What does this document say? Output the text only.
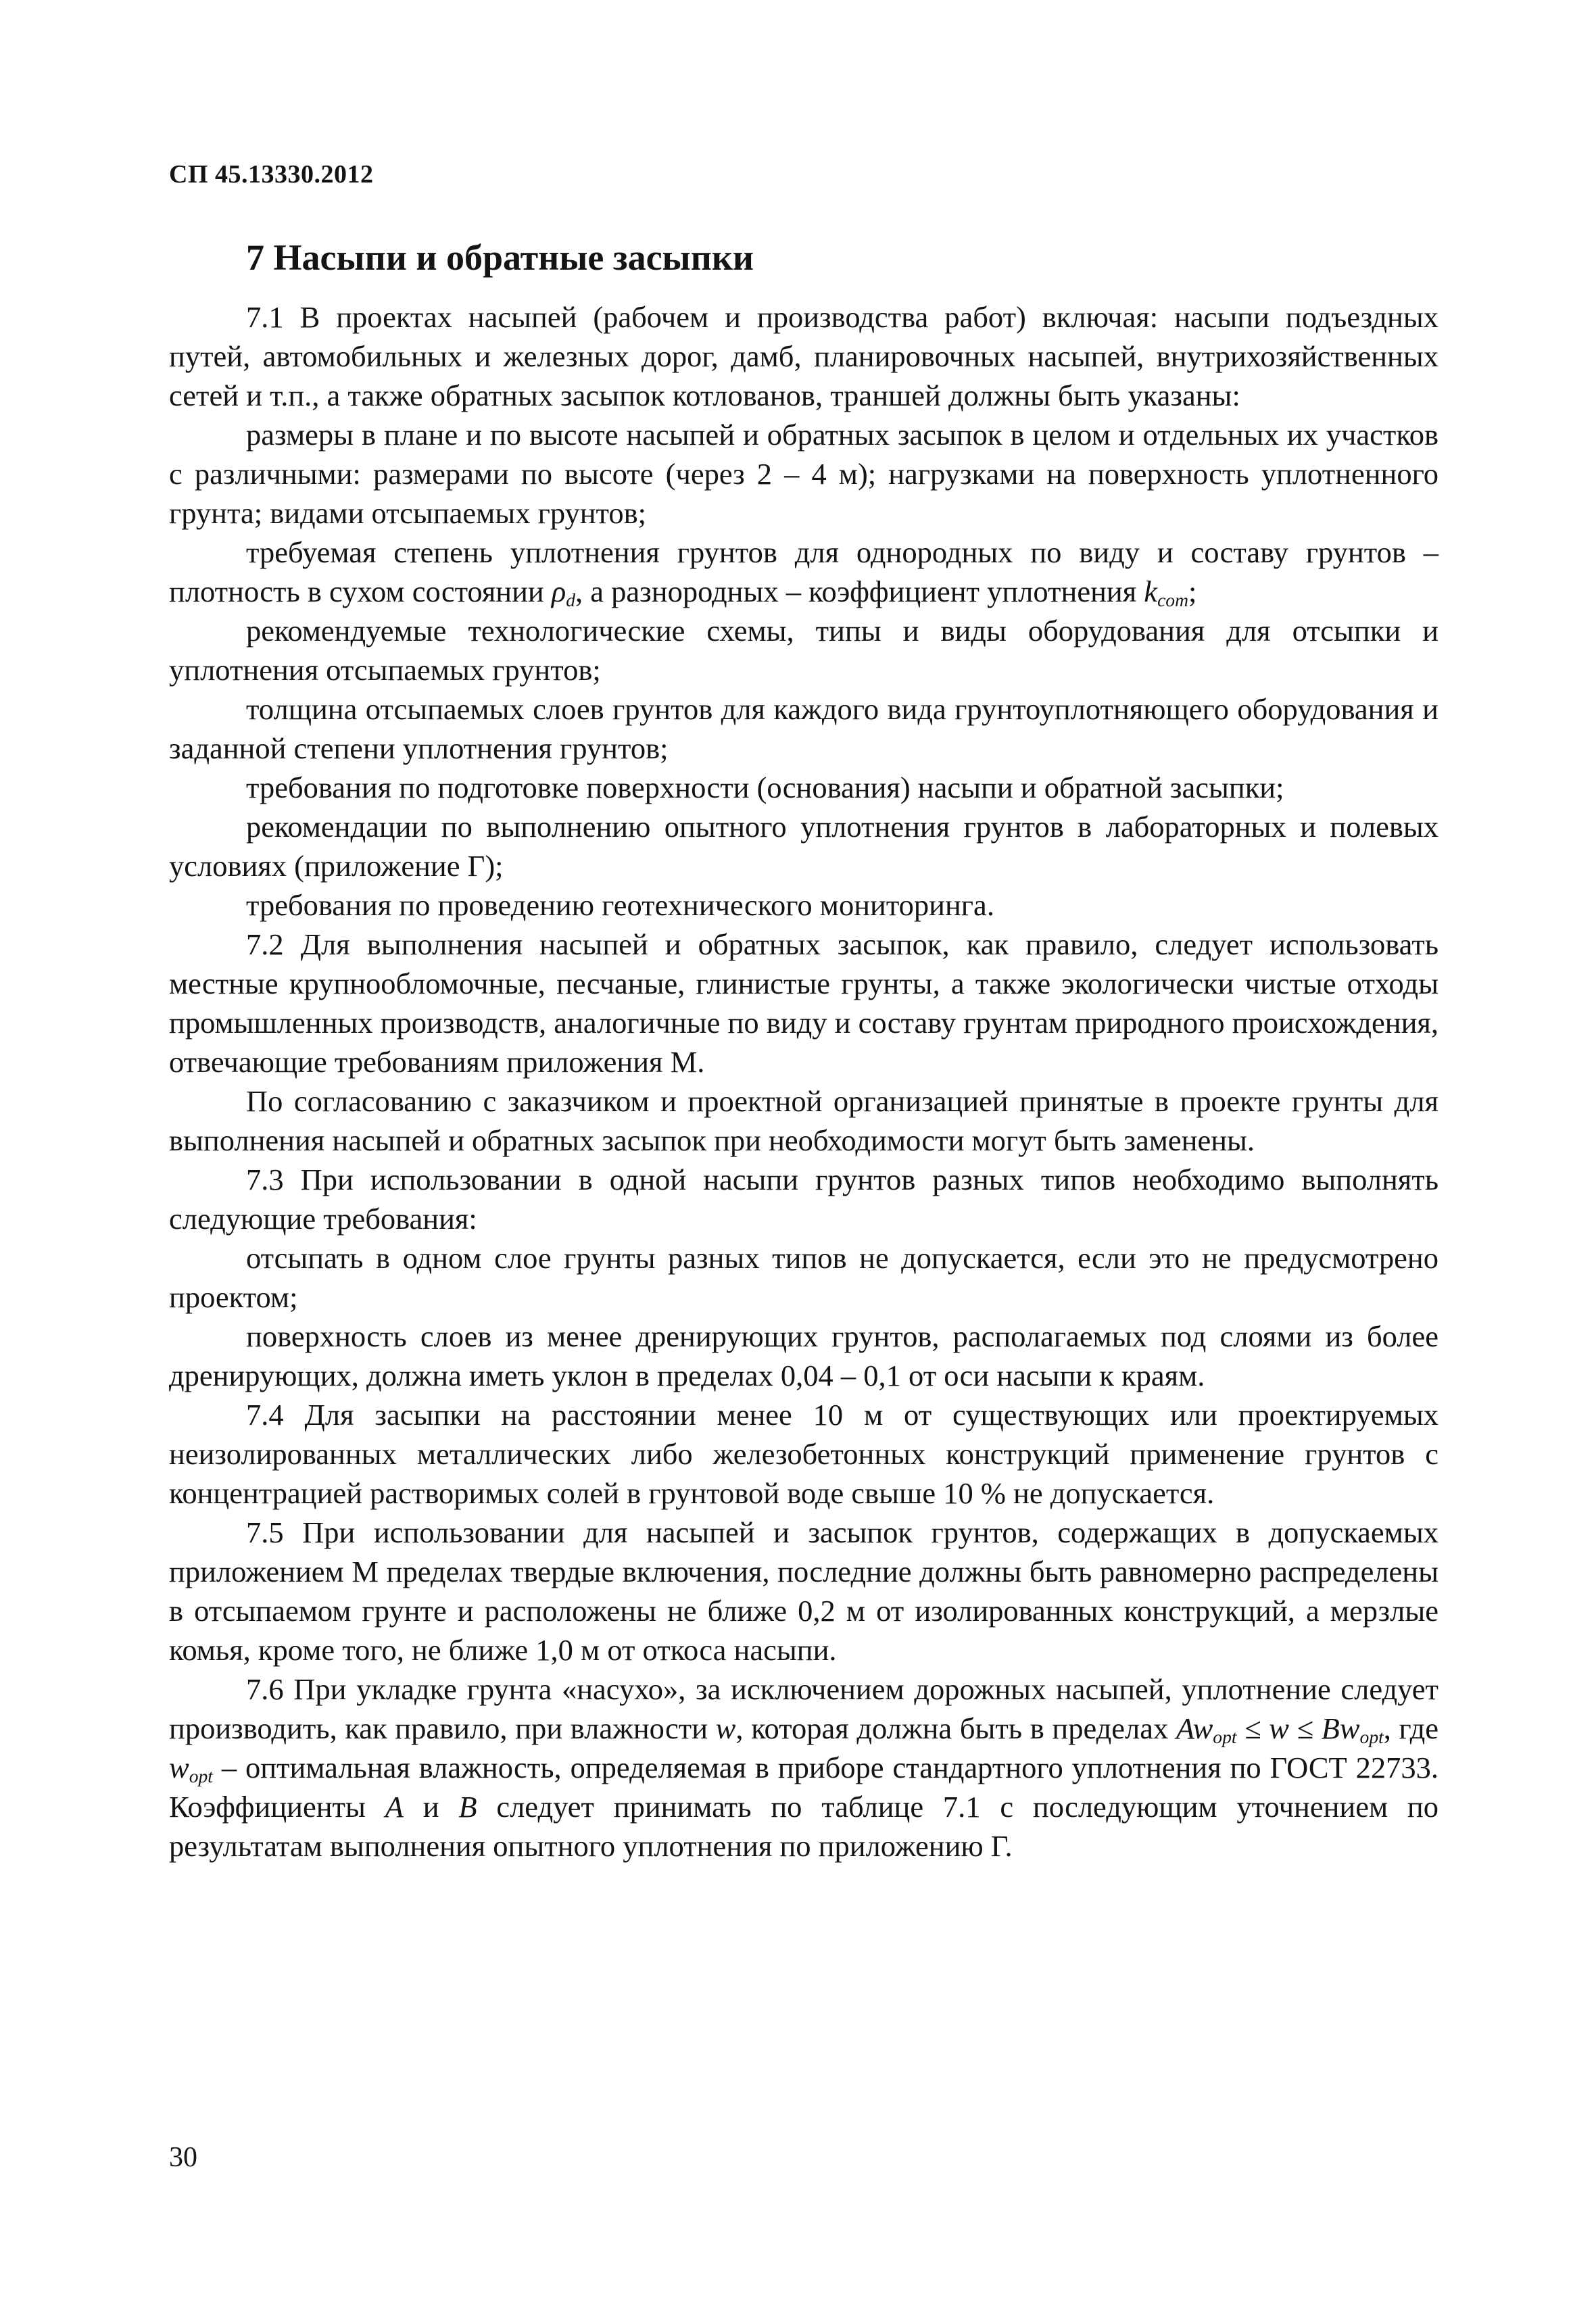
СП 45.13330.2012
7 Насыпи и обратные засыпки

7.1 В проектах насыпей (рабочем и производства работ) включая: насыпи подъездных путей, автомобильных и железных дорог, дамб, планировочных насыпей, внутрихозяйственных сетей и т.п., а также обратных засыпок котлованов, траншей должны быть указаны:

размеры в плане и по высоте насыпей и обратных засыпок в целом и отдельных их участков с различными: размерами по высоте (через 2 – 4 м); нагрузками на поверхность уплотненного грунта; видами отсыпаемых грунтов;

требуемая степень уплотнения грунтов для однородных по виду и составу грунтов – плотность в сухом состоянии $\rho_d$, а разнородных – коэффициент уплотнения $k_{com}$;

рекомендуемые технологические схемы, типы и виды оборудования для отсыпки и уплотнения отсыпаемых грунтов;

толщина отсыпаемых слоев грунтов для каждого вида грунтоуплотняющего оборудования и заданной степени уплотнения грунтов;

требования по подготовке поверхности (основания) насыпи и обратной засыпки;

рекомендации по выполнению опытного уплотнения грунтов в лабораторных и полевых условиях (приложение Г);

требования по проведению геотехнического мониторинга.

7.2 Для выполнения насыпей и обратных засыпок, как правило, следует использовать местные крупнообломочные, песчаные, глинистые грунты, а также экологически чистые отходы промышленных производств, аналогичные по виду и составу грунтам природного происхождения, отвечающие требованиям приложения М.

По согласованию с заказчиком и проектной организацией принятые в проекте грунты для выполнения насыпей и обратных засыпок при необходимости могут быть заменены.

7.3 При использовании в одной насыпи грунтов разных типов необходимо выполнять следующие требования:

отсыпать в одном слое грунты разных типов не допускается, если это не предусмотрено проектом;

поверхность слоев из менее дренирующих грунтов, располагаемых под слоями из более дренирующих, должна иметь уклон в пределах 0,04 – 0,1 от оси насыпи к краям.

7.4 Для засыпки на расстоянии менее 10 м от существующих или проектируемых неизолированных металлических либо железобетонных конструкций применение грунтов с концентрацией растворимых солей в грунтовой воде свыше 10 % не допускается.

7.5 При использовании для насыпей и засыпок грунтов, содержащих в допускаемых приложением М пределах твердые включения, последние должны быть равномерно распределены в отсыпаемом грунте и расположены не ближе 0,2 м от изолированных конструкций, а мерзлые комья, кроме того, не ближе 1,0 м от откоса насыпи.

7.6 При укладке грунта «насухо», за исключением дорожных насыпей, уплотнение следует производить, как правило, при влажности w, которая должна быть в пределах $Aw_{opt} \le w \le Bw_{opt}$, где $w_{opt}$ – оптимальная влажность, определяемая в приборе стандартного уплотнения по ГОСТ 22733. Коэффициенты A и B следует принимать по таблице 7.1 с последующим уточнением по результатам выполнения опытного уплотнения по приложению Г.

30
